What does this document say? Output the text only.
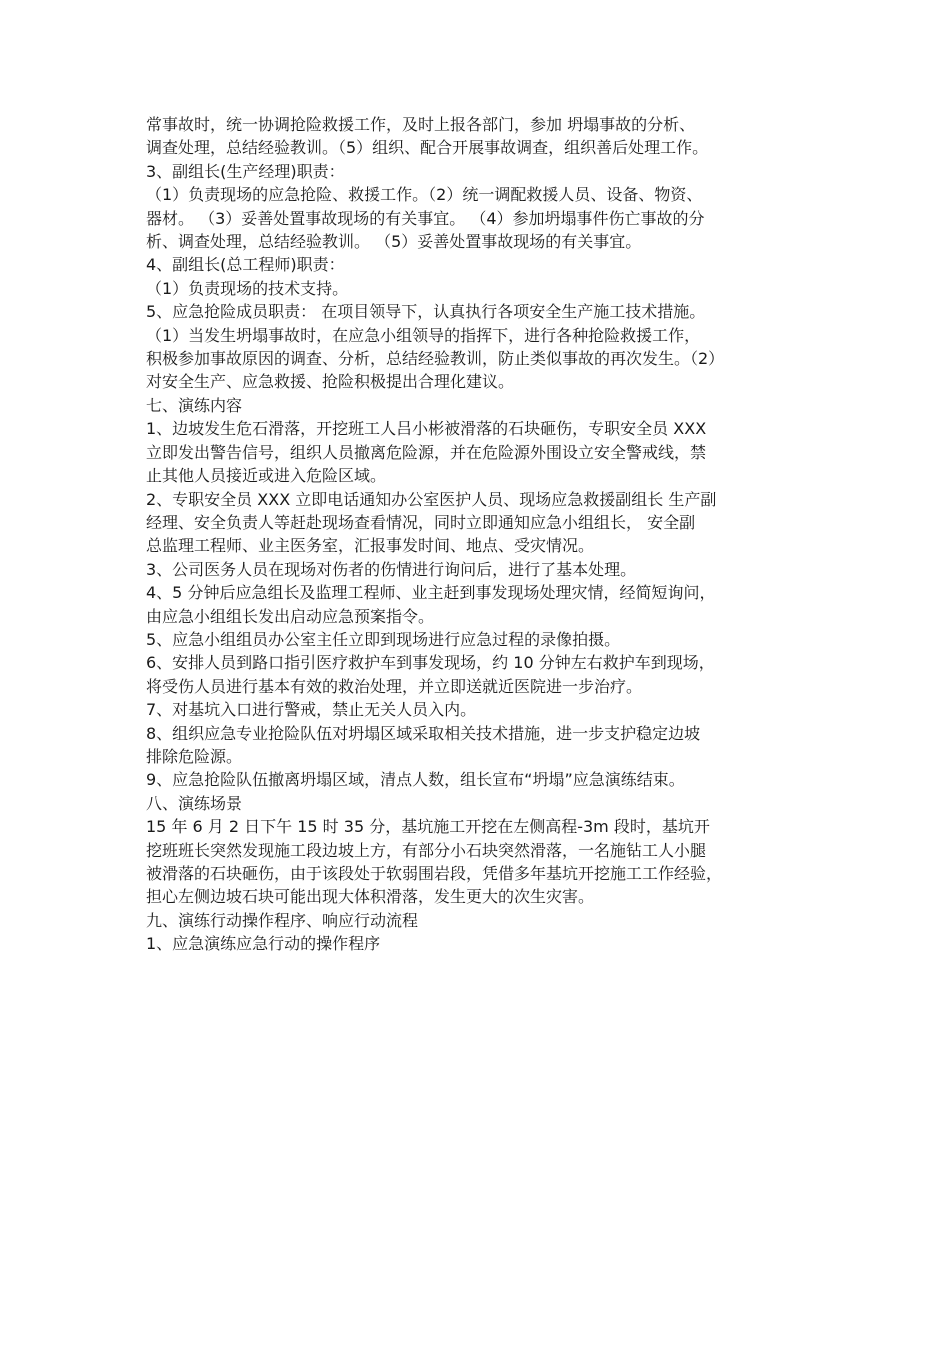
常事故时，统一协调抢险救援工作，及时上报各部门，参加 坍塌事故的分析、
调查处理，总结经验教训。（5）组织、配合开展事故调查，组织善后处理工作。
3、副组长(生产经理)职责：
（1）负责现场的应急抢险、救援工作。（2）统一调配救援人员、设备、物资、
器材。 （3）妥善处置事故现场的有关事宜。 （4）参加坍塌事件伤亡事故的分
析、调查处理，总结经验教训。 （5）妥善处置事故现场的有关事宜。
4、副组长(总工程师)职责：
（1）负责现场的技术支持。
5、应急抢险成员职责： 在项目领导下，认真执行各项安全生产施工技术措施。
（1）当发生坍塌事故时，在应急小组领导的指挥下，进行各种抢险救援工作，
积极参加事故原因的调查、分析，总结经验教训，防止类似事故的再次发生。（2）
对安全生产、应急救援、抢险积极提出合理化建议。
七、演练内容
1、边坡发生危石滑落，开挖班工人吕小彬被滑落的石块砸伤，专职安全员 XXX
立即发出警告信号，组织人员撤离危险源，并在危险源外围设立安全警戒线，禁
止其他人员接近或进入危险区域。
2、专职安全员 XXX 立即电话通知办公室医护人员、现场应急救援副组长 生产副
经理、安全负责人等赶赴现场查看情况，同时立即通知应急小组组长， 安全副
总监理工程师、业主医务室，汇报事发时间、地点、受灾情况。
3、公司医务人员在现场对伤者的伤情进行询问后，进行了基本处理。
4、5 分钟后应急组长及监理工程师、业主赶到事发现场处理灾情，经简短询问，
由应急小组组长发出启动应急预案指令。
5、应急小组组员办公室主任立即到现场进行应急过程的录像拍摄。
6、安排人员到路口指引医疗救护车到事发现场，约 10 分钟左右救护车到现场，
将受伤人员进行基本有效的救治处理，并立即送就近医院进一步治疗。
7、对基坑入口进行警戒，禁止无关人员入内。
8、组织应急专业抢险队伍对坍塌区域采取相关技术措施，进一步支护稳定边坡
排除危险源。
9、应急抢险队伍撤离坍塌区域，清点人数，组长宣布“坍塌”应急演练结束。
八、演练场景
15 年 6 月 2 日下午 15 时 35 分，基坑施工开挖在左侧高程-3m 段时，基坑开
挖班班长突然发现施工段边坡上方，有部分小石块突然滑落，一名施钻工人小腿
被滑落的石块砸伤，由于该段处于软弱围岩段，凭借多年基坑开挖施工工作经验，
担心左侧边坡石块可能出现大体积滑落，发生更大的次生灾害。
九、演练行动操作程序、响应行动流程
1、应急演练应急行动的操作程序
